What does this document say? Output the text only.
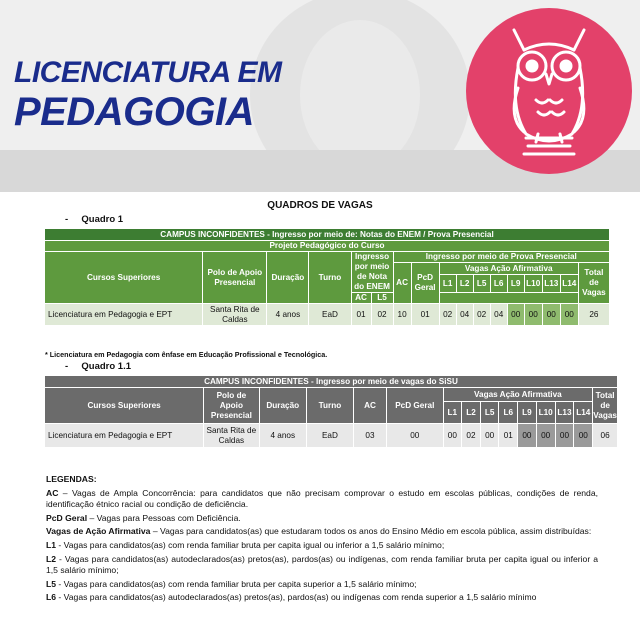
LICENCIATURA EM
PEDAGOGIA
QUADROS DE VAGAS
-     Quadro 1
CAMPUS INCONFIDENTES - Ingresso por meio de: Notas do ENEM / Prova Presencial																
Projeto Pedagógico do Curso																
Cursos Superiores	Polo de Apoio Presencial	Duração	Turno	Ingresso por meio de Nota do ENEM		Ingresso por meio de Prova Presencial										
						AC	PcD Geral	Vagas Ação Afirmativa								Total de Vagas
								L1	L2	L5	L6	L9	L10	L13	L14	
				AC	L5											
Licenciatura em Pedagogia e EPT	Santa Rita de Caldas	4 anos	EaD	01	02	10	01	02	04	02	04	00	00	00	00	26
* Licenciatura em Pedagogia com ênfase em Educação Profissional e Tecnológica.
-     Quadro 1.1
CAMPUS INCONFIDENTES - Ingresso por meio de vagas do SiSU														
Cursos Superiores	Polo de Apoio Presencial	Duração	Turno	AC	PcD Geral	Vagas Ação Afirmativa								Total de Vagas
						L1	L2	L5	L6	L9	L10	L13	L14	
Licenciatura em Pedagogia e EPT	Santa Rita de Caldas	4 anos	EaD	03	00	00	02	00	01	00	00	00	00	06

LEGENDAS:

AC – Vagas de Ampla Concorrência: para candidatos que não precisam comprovar o estudo em escolas públicas, condições de renda, identificação étnico racial ou condição de deficiência.

PcD Geral – Vagas para Pessoas com Deficiência.

Vagas de Ação Afirmativa – Vagas para candidatos(as) que estudaram todos os anos do Ensino Médio em escola pública, assim distribuídas:

L1 - Vagas para candidatos(as) com renda familiar bruta per capita igual ou inferior a 1,5 salário mínimo;

L2 - Vagas para candidatos(as) autodeclarados(as) pretos(as), pardos(as) ou indígenas, com renda familiar bruta per capita igual ou inferior a 1,5 salário mínimo;

L5 - Vagas para candidatos(as) com renda familiar bruta per capita superior a 1,5 salário mínimo;

L6 - Vagas para candidatos(as) autodeclarados(as) pretos(as), pardos(as) ou indígenas com renda superior a 1,5 salário mínimo
